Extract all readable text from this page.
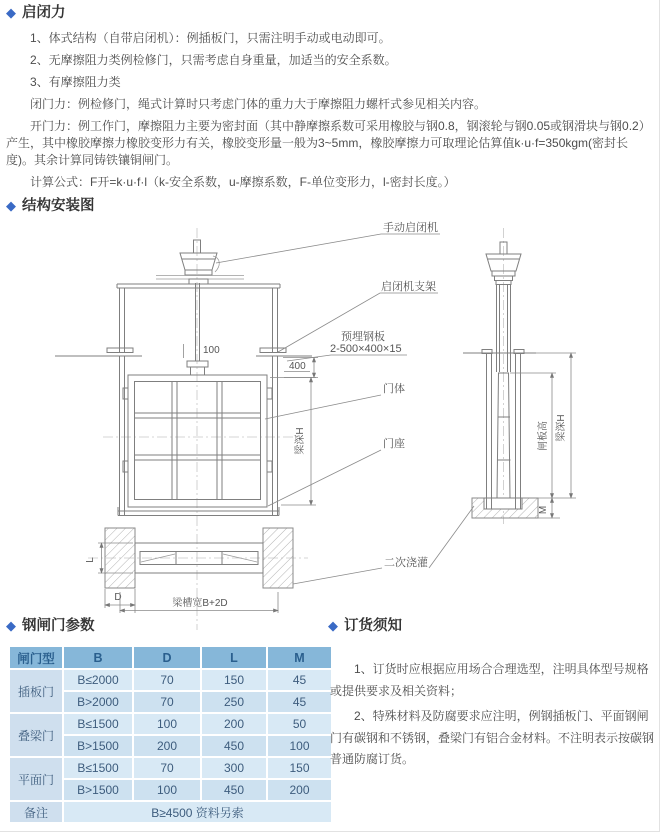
◆ 启闭力

1、体式结构（自带启闭机）：例插板门，只需注明手动或电动即可。

2、无摩擦阻力类例检修门，只需考虑自身重量，加适当的安全系数。

3、有摩擦阻力类

闭门力：例检修门，绳式计算时只考虑门体的重力大于摩擦阻力螺杆式参见相关内容。

开门力：例工作门，摩擦阻力主要为密封面（其中静摩擦系数可采用橡胶与钢0.8，钢滚轮与钢0.05或钢滑块与钢0.2）产生，其中橡胶摩擦力橡胶变形力有关，橡胶变形量一般为3~5mm，橡胶摩擦力可取理论估算值k·u·f=350kgm(密封长度)。其余计算同铸铁镶铜闸门。

计算公式：F开=k·u·f·l（k-安全系数，u-摩擦系数，F-单位变形力，l-密封长度。）

◆ 结构安装图
100
400
梁深H
L
D
梁槽宽B+2D
闸板高 梁深H
M
手动启闭机
启闭机支架
预埋钢板
2-500×400×15
门体
门座
二次浇灌
◆ 钢闸门参数
闸门型	B	D	L	M
插板门	B≤2000	70	150	45
	B>2000	70	250	45
叠梁门	B≤1500	100	200	50
	B>1500	200	450	100
平面门	B≤1500	70	300	150
	B>1500	100	450	200
备注	B≥4500 资料另索			
◆ 订货须知

1、订货时应根据应用场合合理选型，注明具体型号规格或提供要求及相关资料；

2、特殊材料及防腐要求应注明，例钢插板门、平面钢闸门有碳钢和不锈钢，叠梁门有铝合金材料。不注明表示按碳钢普通防腐订货。
